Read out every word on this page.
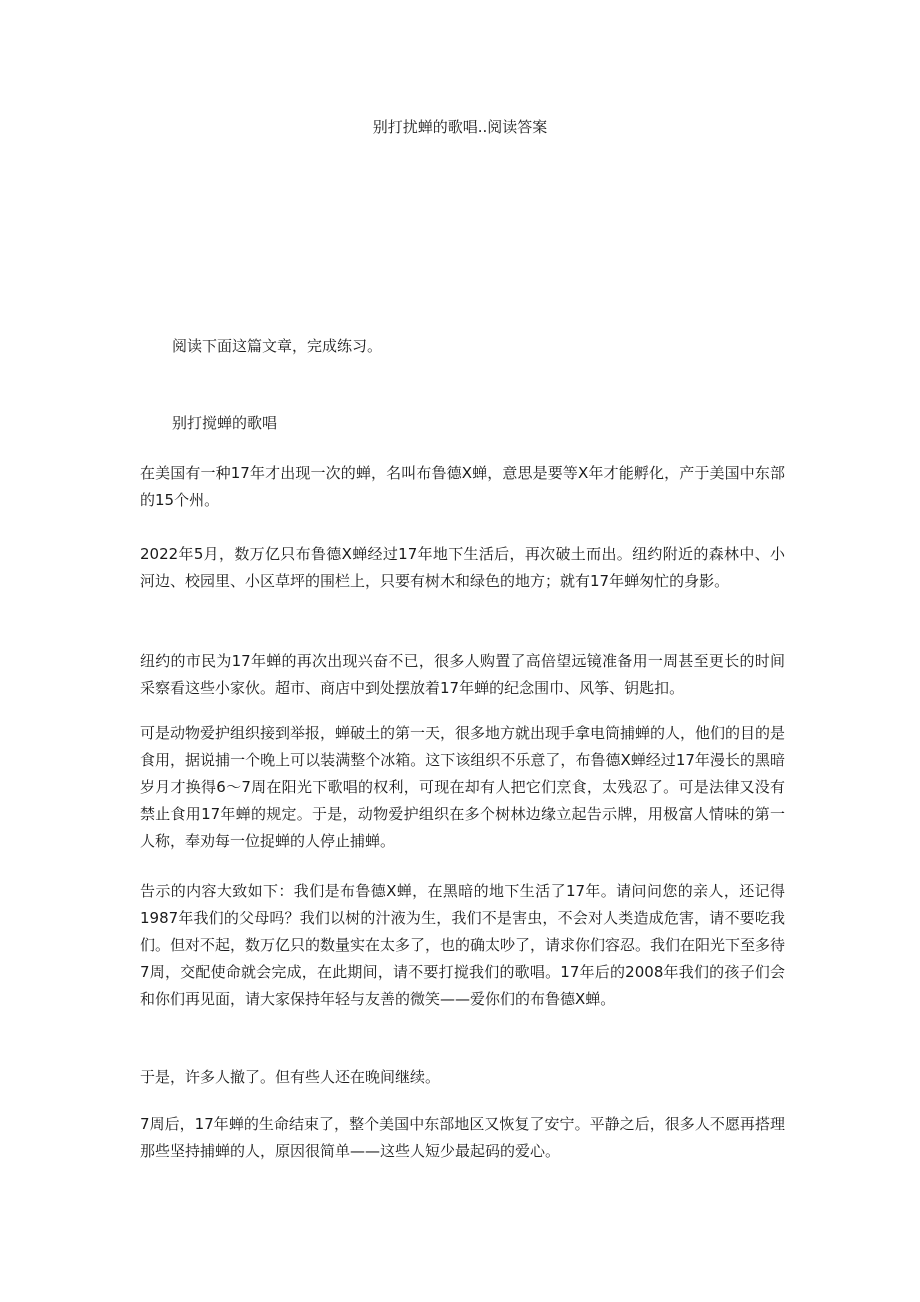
别打扰蝉的歌唱..阅读答案

阅读下面这篇文章，完成练习。

别打搅蝉的歌唱

在美国有一种17年才出现一次的蝉，名叫布鲁德X蝉，意思是要等X年才能孵化，产于美国中东部的15个州。

2022年5月，数万亿只布鲁德X蝉经过17年地下生活后，再次破土而出。纽约附近的森林中、小河边、校园里、小区草坪的围栏上，只要有树木和绿色的地方；就有17年蝉匆忙的身影。

纽约的市民为17年蝉的再次出现兴奋不已，很多人购置了高倍望远镜准备用一周甚至更长的时间采察看这些小家伙。超市、商店中到处摆放着17年蝉的纪念围巾、风筝、钥匙扣。

可是动物爱护组织接到举报，蝉破土的第一天，很多地方就出现手拿电筒捕蝉的人，他们的目的是食用，据说捕一个晚上可以装满整个冰箱。这下该组织不乐意了，布鲁德X蝉经过17年漫长的黑暗岁月才换得6～7周在阳光下歌唱的权利，可现在却有人把它们烹食，太残忍了。可是法律又没有禁止食用17年蝉的规定。于是，动物爱护组织在多个树林边缘立起告示牌，用极富人情味的第一人称，奉劝每一位捉蝉的人停止捕蝉。

告示的内容大致如下：我们是布鲁德X蝉，在黑暗的地下生活了17年。请问问您的亲人，还记得1987年我们的父母吗？我们以树的汁液为生，我们不是害虫，不会对人类造成危害，请不要吃我们。但对不起，数万亿只的数量实在太多了，也的确太吵了，请求你们容忍。我们在阳光下至多待7周，交配使命就会完成，在此期间，请不要打搅我们的歌唱。17年后的2008年我们的孩子们会和你们再见面，请大家保持年轻与友善的微笑——爱你们的布鲁德X蝉。

于是，许多人撤了。但有些人还在晚间继续。

7周后，17年蝉的生命结束了，整个美国中东部地区又恢复了安宁。平静之后，很多人不愿再搭理那些坚持捕蝉的人，原因很简单——这些人短少最起码的爱心。
